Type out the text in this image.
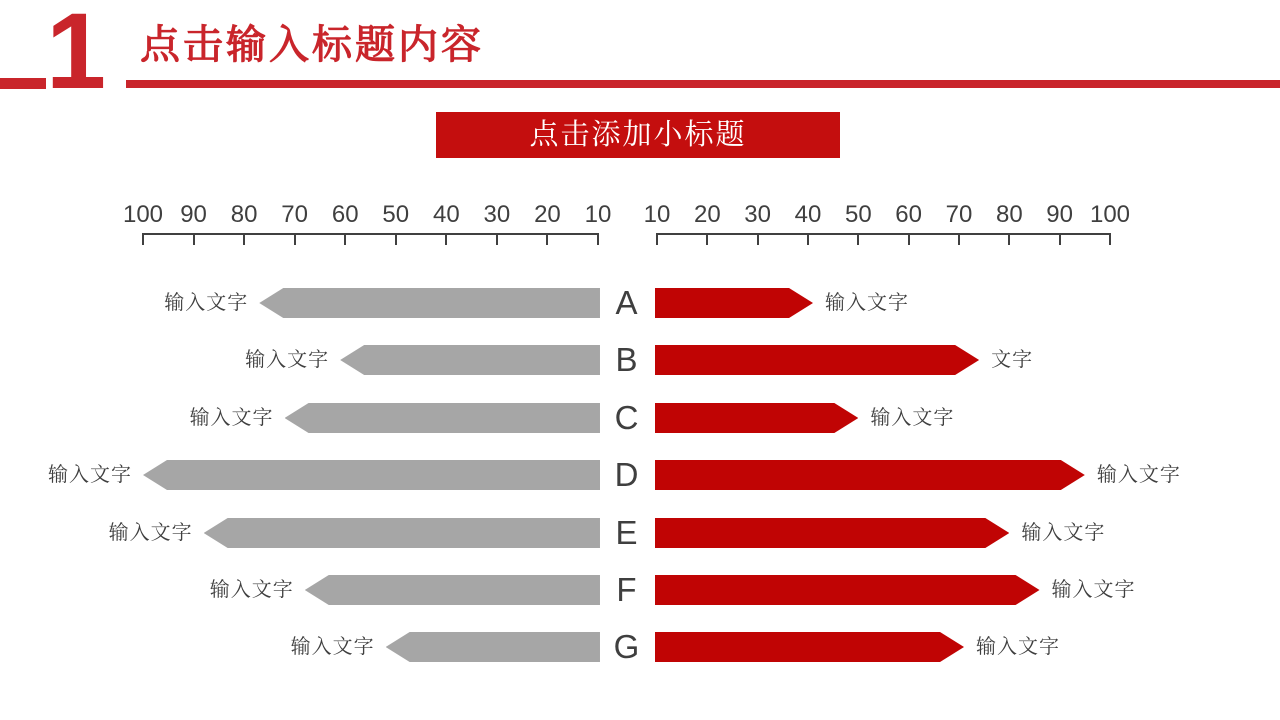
1 点击输入标题内容
点击添加小标题
100 90 80 70 60 50 40 30 20 10	10 20 30 40 50 60 70 80 90 100
输入文字	A	输入文字
输入文字	B	文字
输入文字	C	输入文字
输入文字	D	输入文字
输入文字	E	输入文字
输入文字	F	输入文字
输入文字	G	输入文字
